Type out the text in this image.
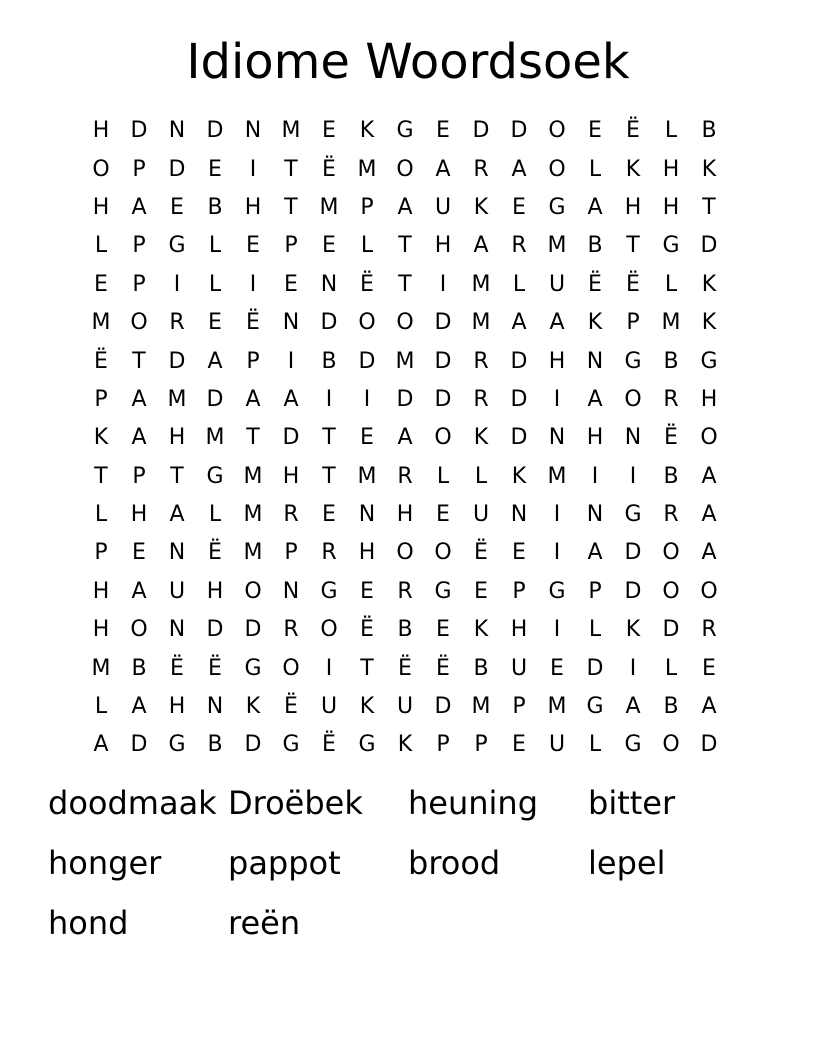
Idiome Woordsoek
H D N D N M E	K	G	E	D D O	E	Ë	L	B
O	P	D	E	I	T	Ë M O A	R	A O	L	K	H	K
H	A	E	B	H	T M P	A	U	K	E	G A	H H	T
L	P	G	L	E	P	E	L	T	H	A	R M B	T	G D
E	P	I	L	I	E	N	Ë	T	I	M	L	U	Ë	Ë	L	K
M O R	E	Ë	N D O O D M A	A	K	P M K
Ë	T	D	A	P	I	B D M D R D H N G B G
P	A M D	A	A	I	I	D D R D	I	A O R	H
K	A	H M T	D	T	E	A O	K	D N H N	Ë	O
T	P	T	G M H	T M R	L	L	K M	I	I	B	A
L	H	A	L	M R	E	N H	E	U N	I	N G R	A
P	E	N	Ë M P	R	H O O	Ë	E	I	A D O A
H	A	U H O N G	E	R G	E	P	G	P	D O O
H O N D D R O	Ë	B	E	K	H	I	L	K	D R
M B	Ë	Ë	G O	I	T	Ë	Ë	B	U	E	D	I	L	E
L	A	H N	K	Ë	U	K	U D M P M G A	B	A
A D G B D G	Ë	G	K	P	P	E	U	L	G O D
doodmaak Droëbek	heuning	bitter
honger	pappot	brood	lepel
hond	reën
